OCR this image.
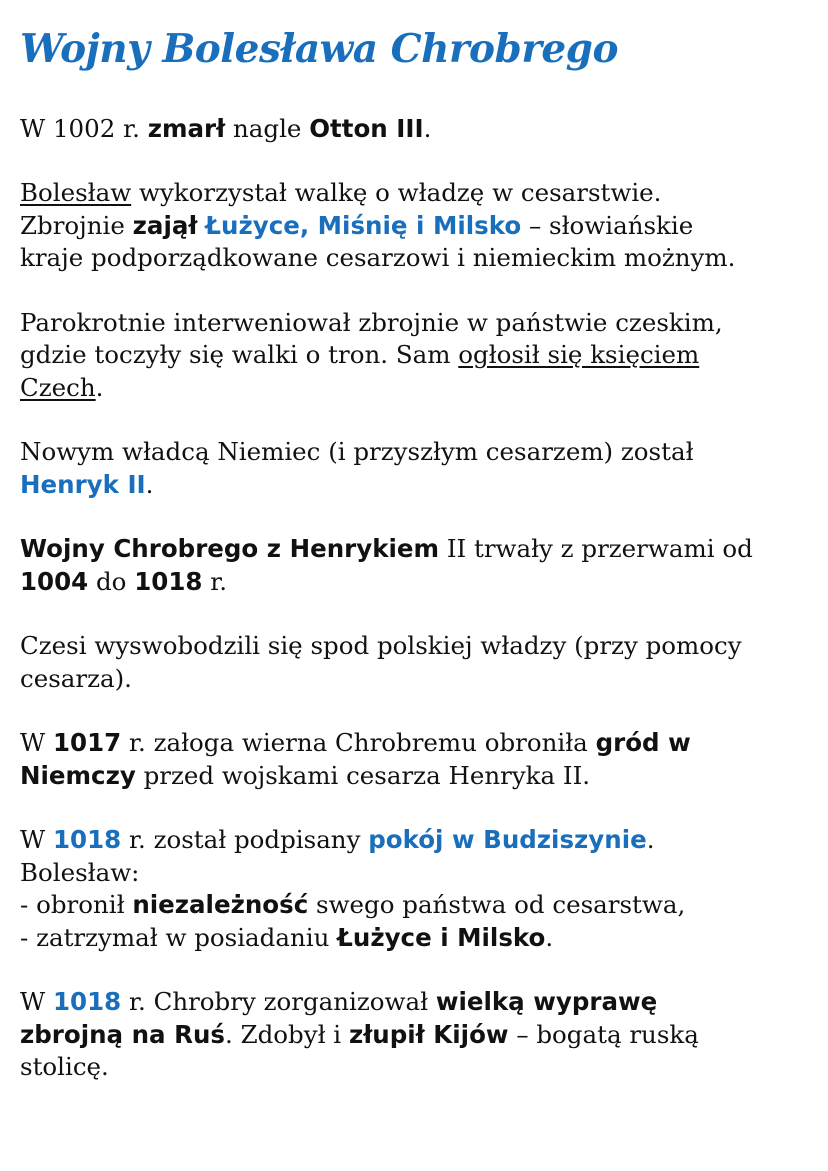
Wojny Bolesława Chrobrego

W 1002 r. zmarł nagle Otton III.

Bolesław wykorzystał walkę o władzę w cesarstwie.
Zbrojnie zajął Łużyce, Miśnię i Milsko – słowiańskie
kraje podporządkowane cesarzowi i niemieckim możnym.

Parokrotnie interweniował zbrojnie w państwie czeskim,
gdzie toczyły się walki o tron. Sam ogłosił się księciem
Czech.

Nowym władcą Niemiec (i przyszłym cesarzem) został
Henryk II.

Wojny Chrobrego z Henrykiem II trwały z przerwami od
1004 do 1018 r.

Czesi wyswobodzili się spod polskiej władzy (przy pomocy
cesarza).

W 1017 r. załoga wierna Chrobremu obroniła gród w
Niemczy przed wojskami cesarza Henryka II.

W 1018 r. został podpisany pokój w Budziszynie.
Bolesław:
- obronił niezależność swego państwa od cesarstwa,
- zatrzymał w posiadaniu Łużyce i Milsko.

W 1018 r. Chrobry zorganizował wielką wyprawę
zbrojną na Ruś. Zdobył i złupił Kijów – bogatą ruską
stolicę.
